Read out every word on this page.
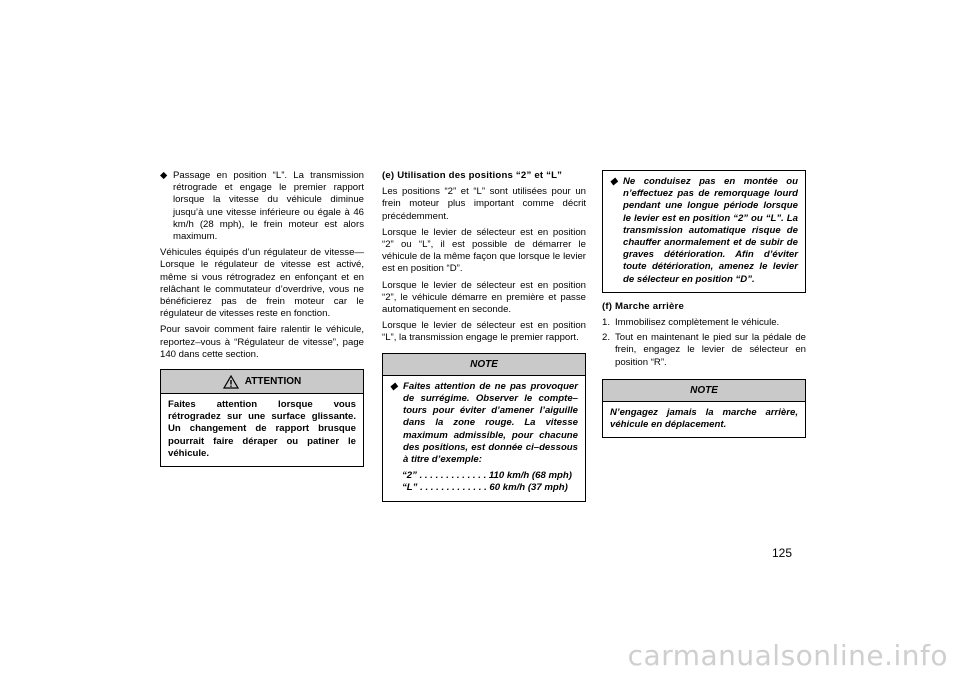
◆ Passage en position “L”. La transmission rétrograde et engage le premier rapport lorsque la vitesse du véhicule diminue jusqu’à une vitesse inférieure ou égale à 46 km/h (28 mph), le frein moteur est alors maximum.

Véhicules équipés d’un régulateur de vitesse—Lorsque le régulateur de vitesse est activé, même si vous rétrogradez en enfonçant et en relâchant le commutateur d’overdrive, vous ne bénéficierez pas de frein moteur car le régulateur de vitesses reste en fonction.

Pour savoir comment faire ralentir le véhicule, reportez–vous à “Régulateur de vitesse”, page 140 dans cette section.

ATTENTION
Faites attention lorsque vous rétrogradez sur une surface glissante. Un changement de rapport brusque pourrait faire déraper ou patiner le véhicule.
(e) Utilisation des positions “2” et “L”

Les positions “2” et “L” sont utilisées pour un frein moteur plus important comme décrit précédemment.

Lorsque le levier de sélecteur est en position “2” ou “L”, il est possible de démarrer le véhicule de la même façon que lorsque le levier est en position “D”.

Lorsque le levier de sélecteur est en position “2”, le véhicule démarre en première et passe automatiquement en seconde.

Lorsque le levier de sélecteur est en position “L”, la transmission engage le premier rapport.

NOTE
◆ Faites attention de ne pas provoquer de surrégime. Observer le compte–tours pour éviter d’amener l’aiguille dans la zone rouge. La vitesse maximum admissible, pour chacune des positions, est donnée ci–dessous à titre d’exemple:
“2” . . . . . . . . . . . . . 110 km/h (68 mph)
“L” . . . . . . . . . . . . . 60 km/h (37 mph)
◆ Ne conduisez pas en montée ou n’effectuez pas de remorquage lourd pendant une longue période lorsque le levier est en position “2” ou “L”. La transmission automatique risque de chauffer anormalement et de subir de graves détérioration. Afin d’éviter toute détérioration, amenez le levier de sélecteur en position “D”.
(f) Marche arrière
1. Immobilisez complètement le véhicule.
2. Tout en maintenant le pied sur la pédale de frein, engagez le levier de sélecteur en position “R”.
NOTE
N’engagez jamais la marche arrière, véhicule en déplacement.
125
carmanualsonline.info
